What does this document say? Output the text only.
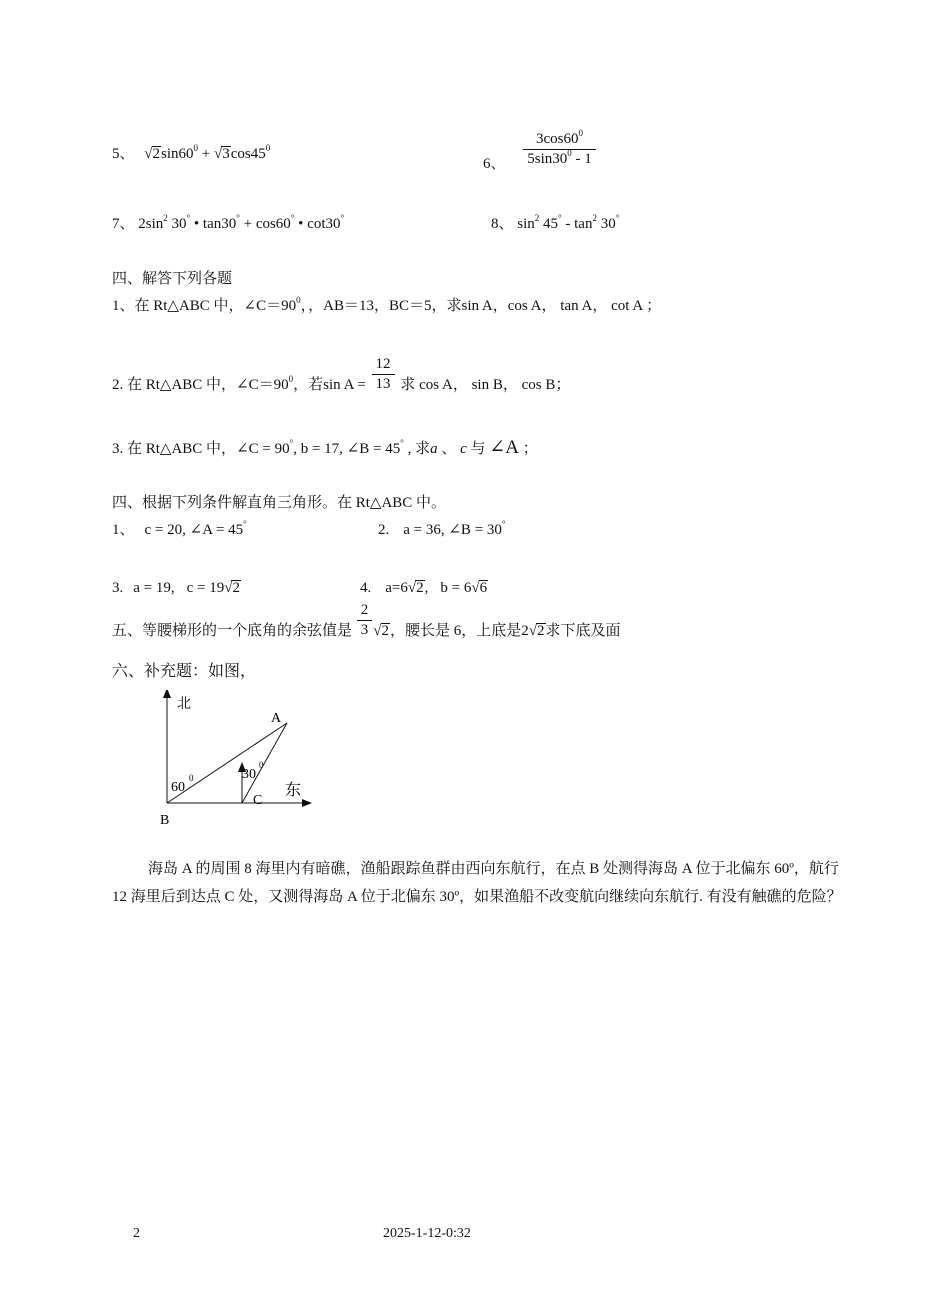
5、 $√2\sin 60^0 + √3\cos 45^0$
6、 $\frac{3\cos 60^0}{5\sin 30^0 - 1}$
7、 $2\sin^2$ 30° • tan30° + cos60° • cot30°	8、 $\sin^2 45^\circ - \tan^2 30^\circ$
四、解答下列各题
1、在 Rt△ABC 中，$\angle C=90^0$，，AB＝13，BC＝5，求sin A，cos A， tan A， cot A ；
2. 在 Rt△ABC 中，$\angle C=90^0$，若$\sin A = \frac{12}{13}$ 求 cos A， sin B， cos B；
3. 在 Rt△ABC 中，∠C = 90°, b = 17, ∠B = 45° , 求a 、 c 与 ∠A ；
四、根据下列条件解直角三角形。在 Rt△ABC 中。
1、 c = 20, ∠A = 45°	2. a = 36, ∠B = 30°
3. a = 19, c = 19√2	4. a=6√2, b = 6√6
五、等腰梯形的一个底角的余弦值是 $\frac{2}{3} √2$，腰长是 6，上底是2√2求下底及面
六、补充题：如图，
北
A
B
C
东
60
0	30
0
海岛 A 的周围 8 海里内有暗礁，渔船跟踪鱼群由西向东航行，在点 B 处测得海岛 A 位于北偏东 60º，航行 12 海里后到达点 C 处，又测得海岛 A 位于北偏东 30º，如果渔船不改变航向继续向东航行. 有没有触礁的危险？
2	2025-1-12-0:32
